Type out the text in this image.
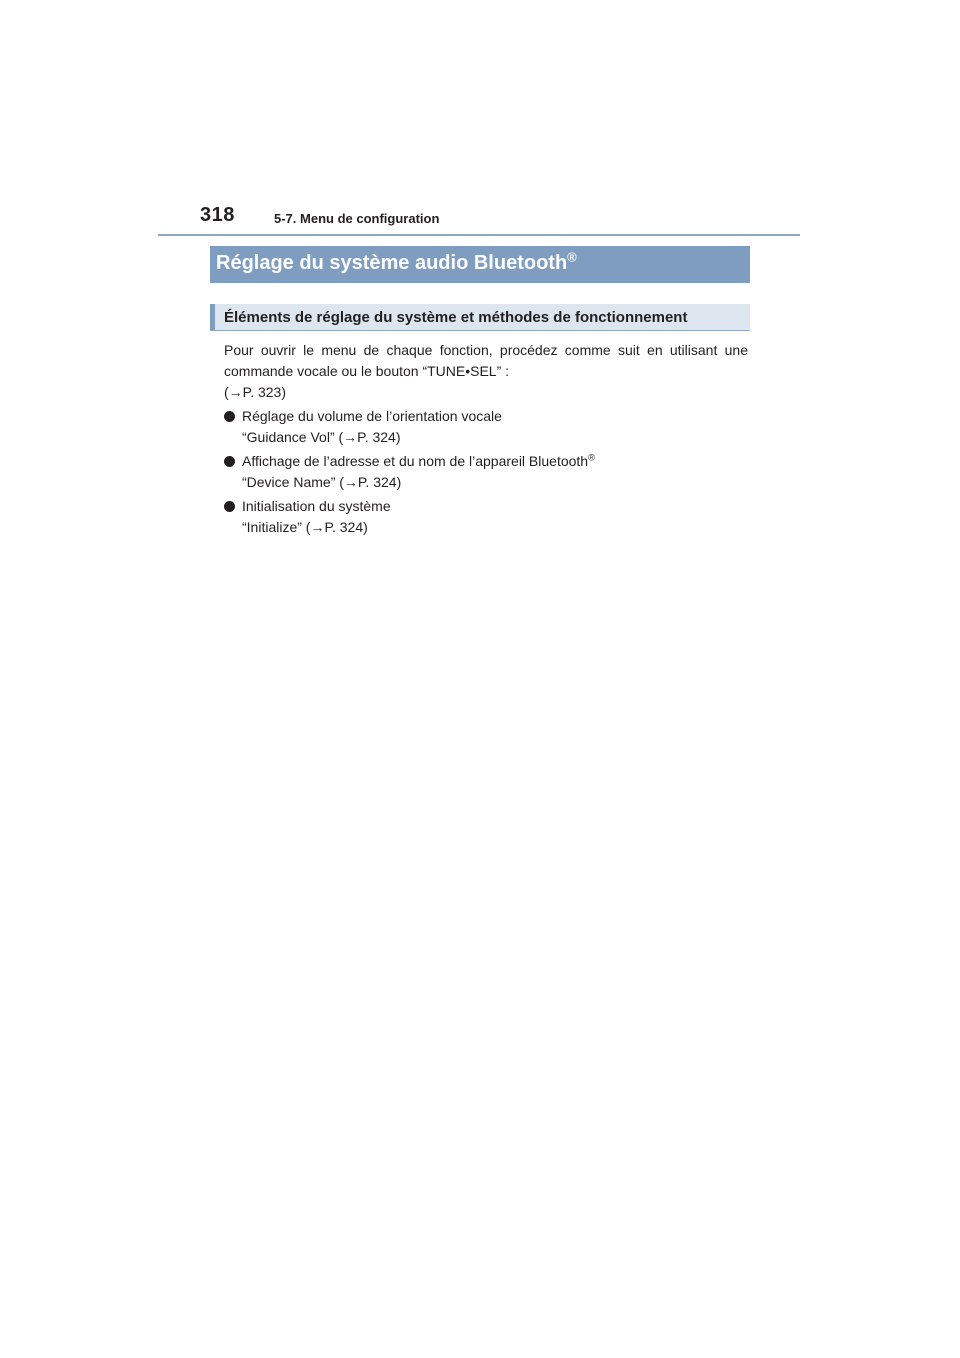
318	5-7. Menu de configuration
Réglage du système audio Bluetooth®
Éléments de réglage du système et méthodes de fonctionnement
Pour ouvrir le menu de chaque fonction, procédez comme suit en utilisant une commande vocale ou le bouton “TUNE•SEL” :
(→P. 323)
Réglage du volume de l’orientation vocale
“Guidance Vol” (→P. 324)
Affichage de l’adresse et du nom de l’appareil Bluetooth®
“Device Name” (→P. 324)
Initialisation du système
“Initialize” (→P. 324)
